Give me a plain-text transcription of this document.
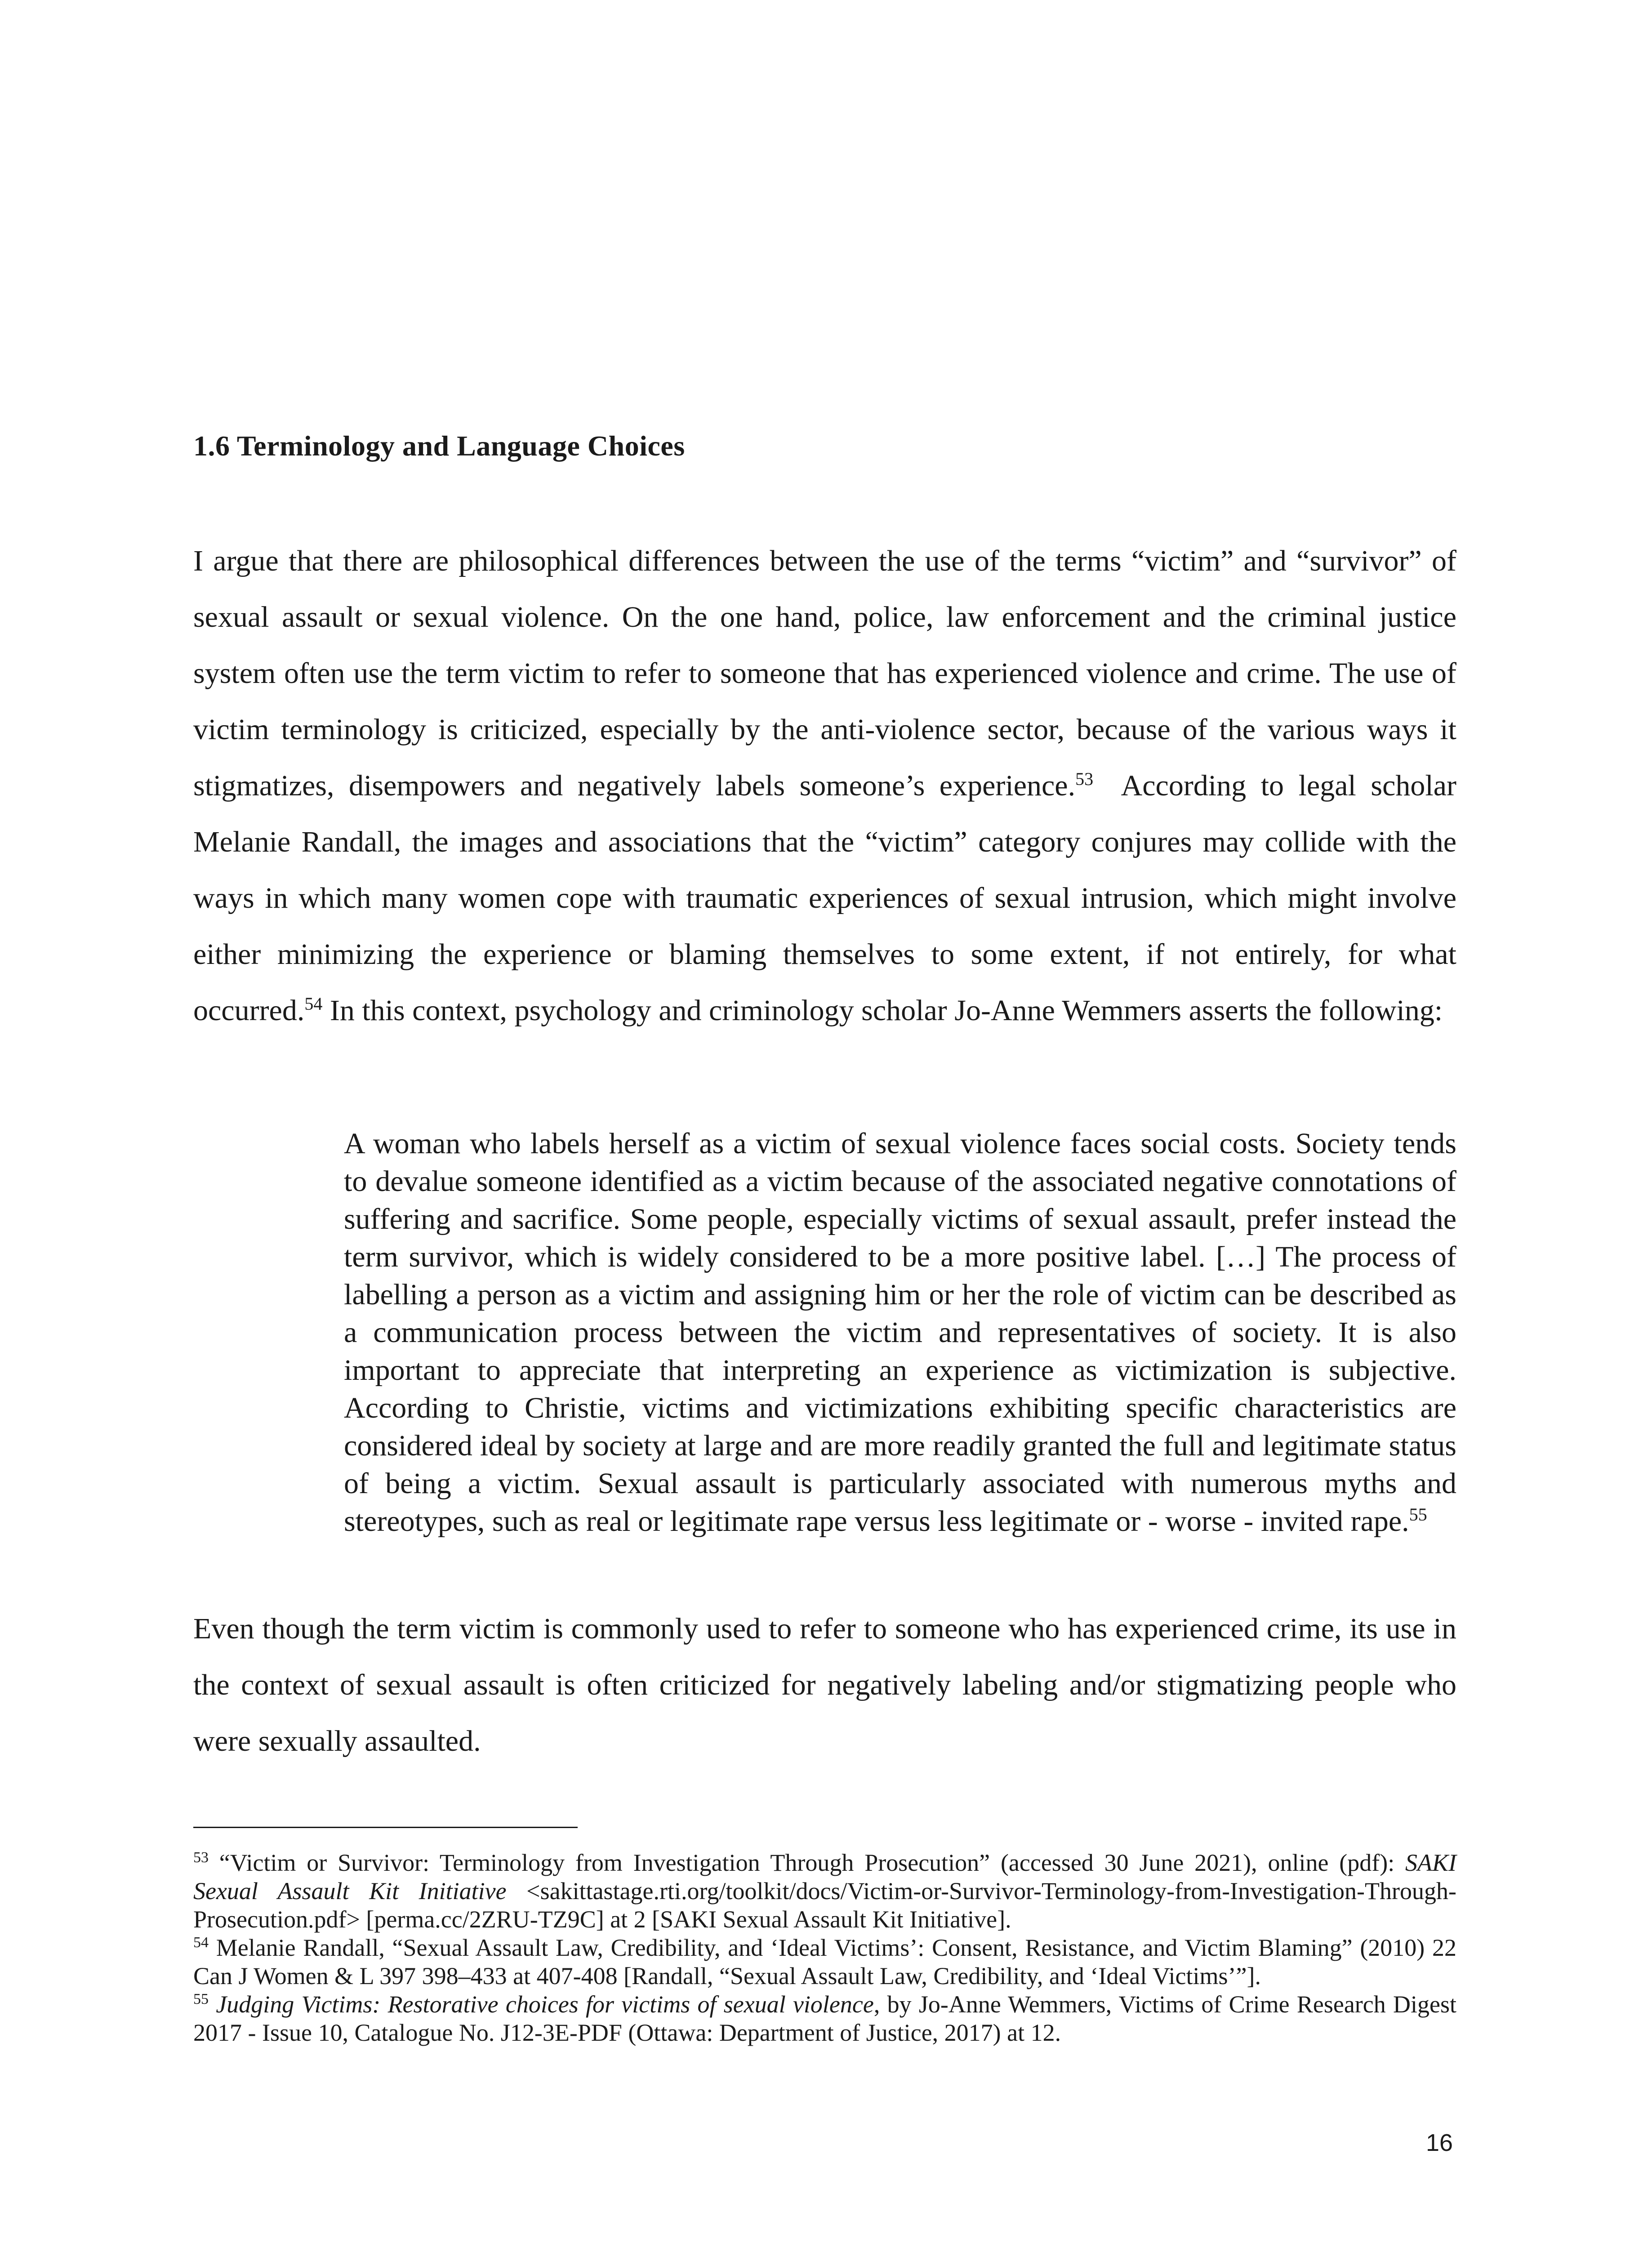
1.6 Terminology and Language Choices

I argue that there are philosophical differences between the use of the terms “victim” and “survivor” of sexual assault or sexual violence. On the one hand, police, law enforcement and the criminal justice system often use the term victim to refer to someone that has experienced violence and crime. The use of victim terminology is criticized, especially by the anti-violence sector, because of the various ways it stigmatizes, disempowers and negatively labels someone’s experience.$^{53}$ According to legal scholar Melanie Randall, the images and associations that the “victim” category conjures may collide with the ways in which many women cope with traumatic experiences of sexual intrusion, which might involve either minimizing the experience or blaming themselves to some extent, if not entirely, for what occurred.$^{54}$ In this context, psychology and criminology scholar Jo-Anne Wemmers asserts the following:

A woman who labels herself as a victim of sexual violence faces social costs. Society tends to devalue someone identified as a victim because of the associated negative connotations of suffering and sacrifice. Some people, especially victims of sexual assault, prefer instead the term survivor, which is widely considered to be a more positive label. […] The process of labelling a person as a victim and assigning him or her the role of victim can be described as a communication process between the victim and representatives of society. It is also important to appreciate that interpreting an experience as victimization is subjective. According to Christie, victims and victimizations exhibiting specific characteristics are considered ideal by society at large and are more readily granted the full and legitimate status of being a victim. Sexual assault is particularly associated with numerous myths and stereotypes, such as real or legitimate rape versus less legitimate or - worse - invited rape.$^{55}$

Even though the term victim is commonly used to refer to someone who has experienced crime, its use in the context of sexual assault is often criticized for negatively labeling and/or stigmatizing people who were sexually assaulted.

$^{53}$ “Victim or Survivor: Terminology from Investigation Through Prosecution” (accessed 30 June 2021), online (pdf): SAKI Sexual Assault Kit Initiative <sakittastage.rti.org/toolkit/docs/Victim-or-Survivor-Terminology-from-Investigation-Through-Prosecution.pdf> [perma.cc/2ZRU-TZ9C] at 2 [SAKI Sexual Assault Kit Initiative].

$^{54}$ Melanie Randall, “Sexual Assault Law, Credibility, and ‘Ideal Victims’: Consent, Resistance, and Victim Blaming” (2010) 22 Can J Women & L 397 398–433 at 407-408 [Randall, “Sexual Assault Law, Credibility, and ‘Ideal Victims’”].

$^{55}$ Judging Victims: Restorative choices for victims of sexual violence, by Jo-Anne Wemmers, Victims of Crime Research Digest 2017 - Issue 10, Catalogue No. J12-3E-PDF (Ottawa: Department of Justice, 2017) at 12.

16
